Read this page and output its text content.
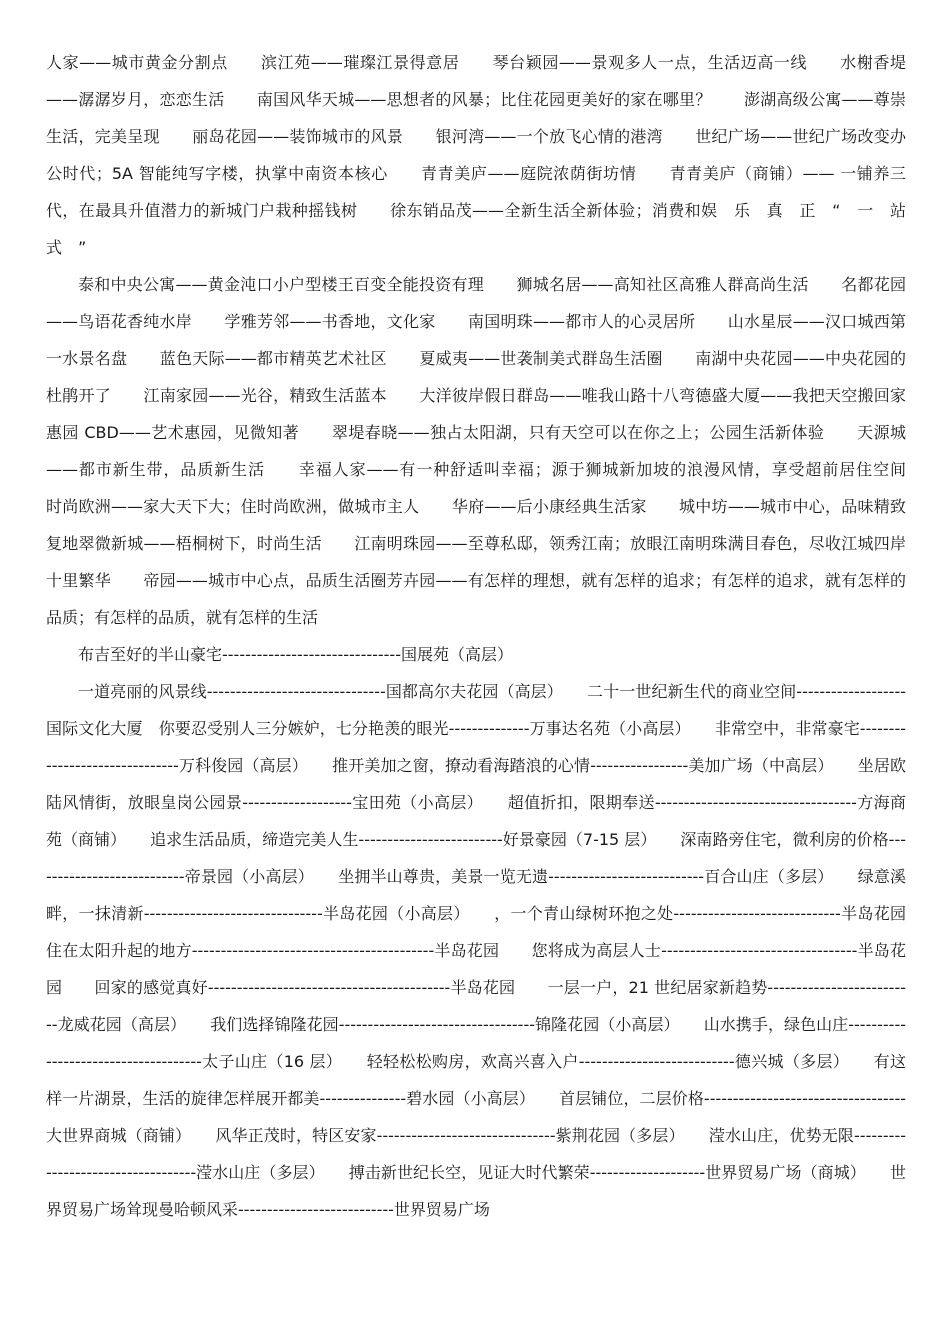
人家——城市黄金分割点　　滨江苑——璀璨江景得意居　　琴台颖园——景观多人一点，生活迈高一线　　水榭香堤——潺潺岁月，恋恋生活　　南国风华天城——思想者的风暴；比住花园更美好的家在哪里？　　澎湖高级公寓——尊崇生活，完美呈现　　丽岛花园——装饰城市的风景　　银河湾——一个放飞心情的港湾　　世纪广场——世纪广场改变办公时代；5A 智能纯写字楼，执掌中南资本核心　　青青美庐——庭院浓荫街坊情　　青青美庐（商铺）—— 一铺养三代，在最具升值潜力的新城门户栽种摇钱树　　徐东销品茂——全新生活全新体验；消费和娱　乐　真　正　“　一　站　式　”

泰和中央公寓——黄金沌口小户型楼王百变全能投资有理　　狮城名居——高知社区高雅人群高尚生活　　名都花园——鸟语花香纯水岸　　学雅芳邻——书香地，文化家　　南国明珠——都市人的心灵居所　　山水星辰——汉口城西第一水景名盘　　蓝色天际——都市精英艺术社区　　夏威夷——世袭制美式群岛生活圈　　南湖中央花园——中央花园的杜鹃开了　　江南家园——光谷，精致生活蓝本　　大洋彼岸假日群岛——唯我山路十八弯德盛大厦——我把天空搬回家　　惠园 CBD——艺术惠园，见微知著　　翠堤春晓——独占太阳湖，只有天空可以在你之上；公园生活新体验　　天源城——都市新生带，品质新生活　　幸福人家——有一种舒适叫幸福；源于狮城新加坡的浪漫风情，享受超前居住空间　　时尚欧洲——家大天下大；住时尚欧洲，做城市主人　　华府——后小康经典生活家　　城中坊——城市中心，品味精致　　复地翠微新城——梧桐树下，时尚生活　　江南明珠园——至尊私邸，领秀江南；放眼江南明珠满目春色，尽收江城四岸十里繁华　　帝园——城市中心点，品质生活圈芳卉园——有怎样的理想，就有怎样的追求；有怎样的追求，就有怎样的品质；有怎样的品质，就有怎样的生活

布吉至好的半山豪宅-------------------------------国展苑（高层）

一道亮丽的风景线-------------------------------国都高尔夫花园（高层）　　二十一世纪新生代的商业空间-------------------国际文化大厦　你要忍受别人三分嫉妒，七分艳羡的眼光--------------万事达名苑（小高层）　　非常空中，非常豪宅-------------------------------万科俊园（高层）　　推开美加之窗，撩动看海踏浪的心情-----------------美加广场（中高层）　　坐居欧陆风情街，放眼皇岗公园景-------------------宝田苑（小高层）　　超值折扣，限期奉送-----------------------------------方海商苑（商铺）　　追求生活品质，缔造完美人生-------------------------好景豪园（7-15 层）　　深南路旁住宅，微利房的价格---------------------------帝景园（小高层）　　坐拥半山尊贵，美景一览无遗---------------------------百合山庄（多层）　　绿意溪畔，一抹清新-------------------------------半岛花园（小高层）　　，一个青山绿树环抱之处-----------------------------半岛花园　　住在太阳升起的地方------------------------------------------半岛花园　　您将成为高层人士----------------------------------半岛花园　　回家的感觉真好------------------------------------------半岛花园　　一层一户，21 世纪居家新趋势--------------------------龙威花园（高层）　　我们选择锦隆花园----------------------------------锦隆花园（小高层）　　山水携手，绿色山庄-------------------------------------太子山庄（16 层）　　轻轻松松购房，欢高兴喜入户---------------------------德兴城（多层）　　有这样一片湖景，生活的旋律怎样展开都美---------------碧水园（小高层）　　首层铺位，二层价格-----------------------------------大世界商城（商铺）　　风华正茂时，特区安家-------------------------------紫荆花园（多层）　　滢水山庄，优势无限-----------------------------------滢水山庄（多层）　　搏击新世纪长空，见证大时代繁荣--------------------世界贸易广场（商城）　　世界贸易广场耸现曼哈顿风采---------------------------世界贸易广场
